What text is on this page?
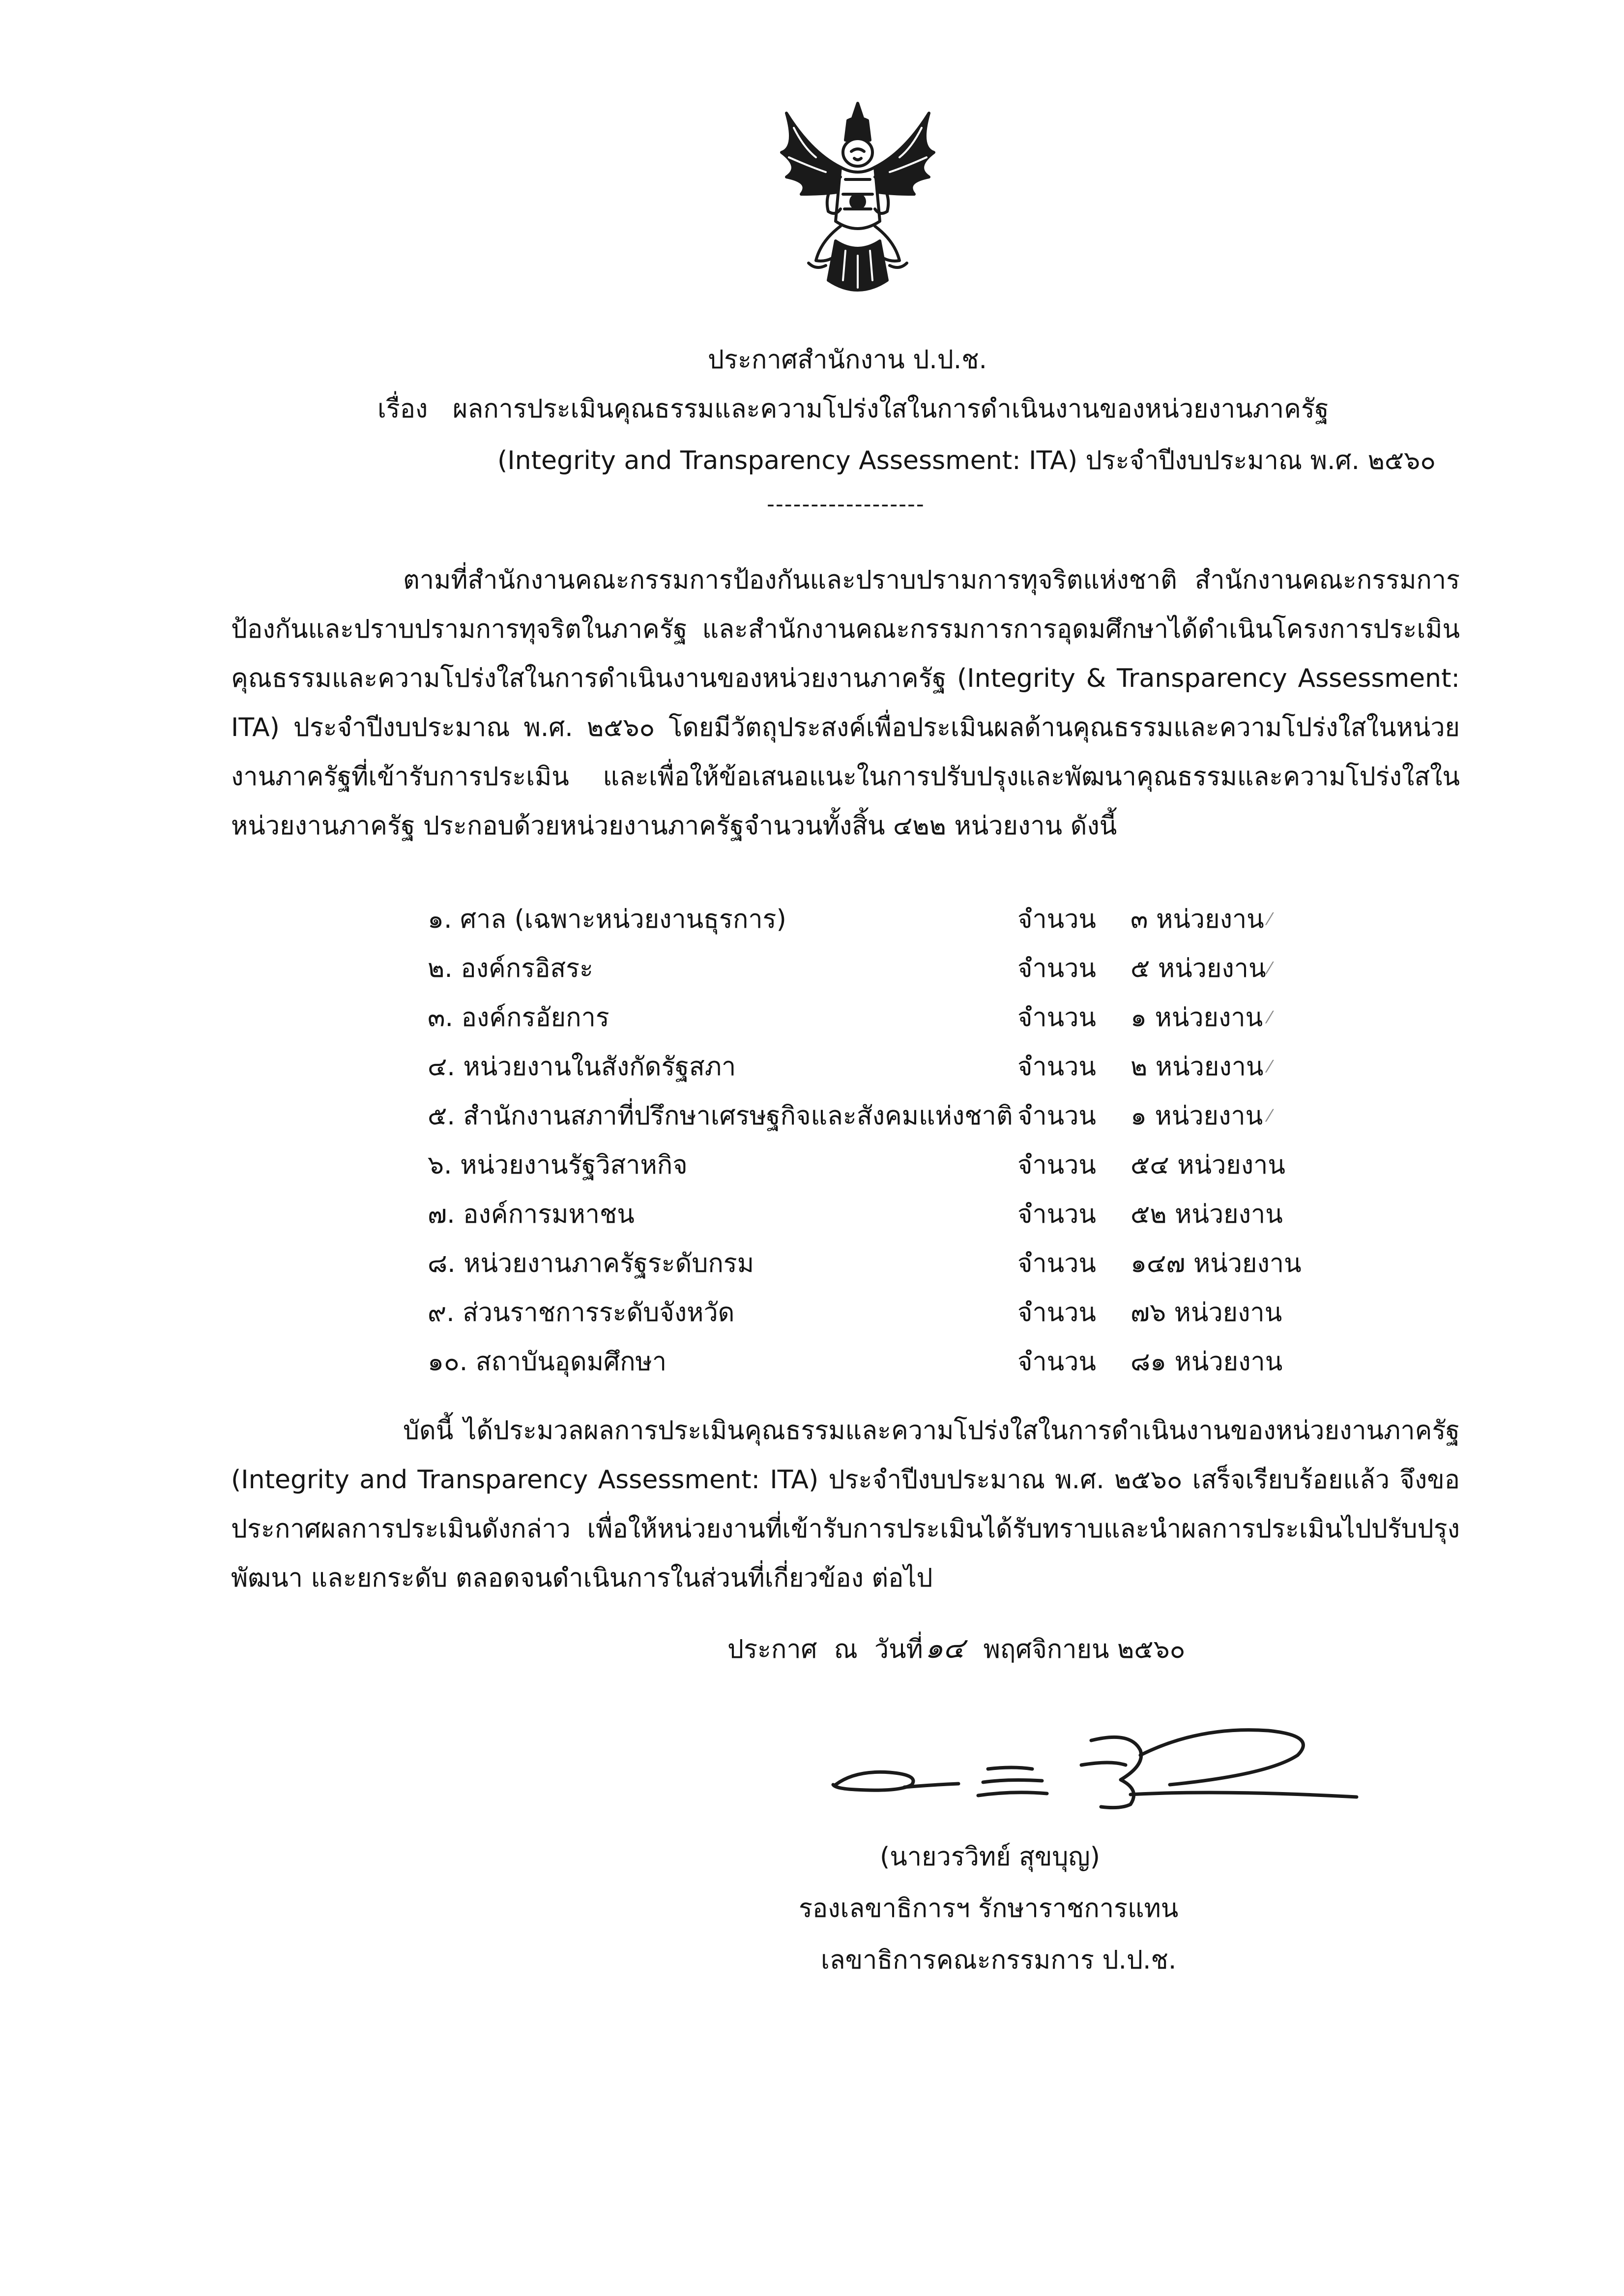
ประกาศสำนักงาน ป.ป.ช.
เรื่อง ผลการประเมินคุณธรรมและความโปร่งใสในการดำเนินงานของหน่วยงานภาครัฐ
(Integrity and Transparency Assessment: ITA) ประจำปีงบประมาณ พ.ศ. ๒๕๖๐
------------------

ตามที่สำนักงานคณะกรรมการป้องกันและปราบปรามการทุจริตแห่งชาติ สำนักงานคณะกรรมการป้องกันและปราบปรามการทุจริตในภาครัฐ และสำนักงานคณะกรรมการการอุดมศึกษาได้ดำเนินโครงการประเมินคุณธรรมและความโปร่งใสในการดำเนินงานของหน่วยงานภาครัฐ (Integrity & Transparency Assessment: ITA) ประจำปีงบประมาณ พ.ศ. ๒๕๖๐ โดยมีวัตถุประสงค์เพื่อประเมินผลด้านคุณธรรมและความโปร่งใสในหน่วยงานภาครัฐที่เข้ารับการประเมิน และเพื่อให้ข้อเสนอแนะในการปรับปรุงและพัฒนาคุณธรรมและความโปร่งใสในหน่วยงานภาครัฐ ประกอบด้วยหน่วยงานภาครัฐจำนวนทั้งสิ้น ๔๒๒ หน่วยงาน ดังนี้

๑. ศาล (เฉพาะหน่วยงานธุรการ)	จำนวน ๓ หน่วยงาน ⁄
๒. องค์กรอิสระ	จำนวน ๕ หน่วยงาน ⁄
๓. องค์กรอัยการ	จำนวน ๑ หน่วยงาน ⁄
๔. หน่วยงานในสังกัดรัฐสภา	จำนวน ๒ หน่วยงาน ⁄
๕. สำนักงานสภาที่ปรึกษาเศรษฐกิจและสังคมแห่งชาติ จำนวน ๑ หน่วยงาน ⁄
๖. หน่วยงานรัฐวิสาหกิจ	จำนวน ๕๔ หน่วยงาน
๗. องค์การมหาชน	จำนวน ๕๒ หน่วยงาน
๘. หน่วยงานภาครัฐระดับกรม	จำนวน ๑๔๗ หน่วยงาน
๙. ส่วนราชการระดับจังหวัด	จำนวน ๗๖ หน่วยงาน
๑๐. สถาบันอุดมศึกษา	จำนวน ๘๑ หน่วยงาน

บัดนี้ ได้ประมวลผลการประเมินคุณธรรมและความโปร่งใสในการดำเนินงานของหน่วยงานภาครัฐ (Integrity and Transparency Assessment: ITA) ประจำปีงบประมาณ พ.ศ. ๒๕๖๐ เสร็จเรียบร้อยแล้ว จึงขอประกาศผลการประเมินดังกล่าว เพื่อให้หน่วยงานที่เข้ารับการประเมินได้รับทราบและนำผลการประเมินไปปรับปรุง พัฒนา และยกระดับ ตลอดจนดำเนินการในส่วนที่เกี่ยวข้อง ต่อไป

ประกาศ ณ วันที่๑๔ พฤศจิกายน ๒๕๖๐
(นายวรวิทย์ สุขบุญ)
รองเลขาธิการฯ รักษาราชการแทน
เลขาธิการคณะกรรมการ ป.ป.ช.
